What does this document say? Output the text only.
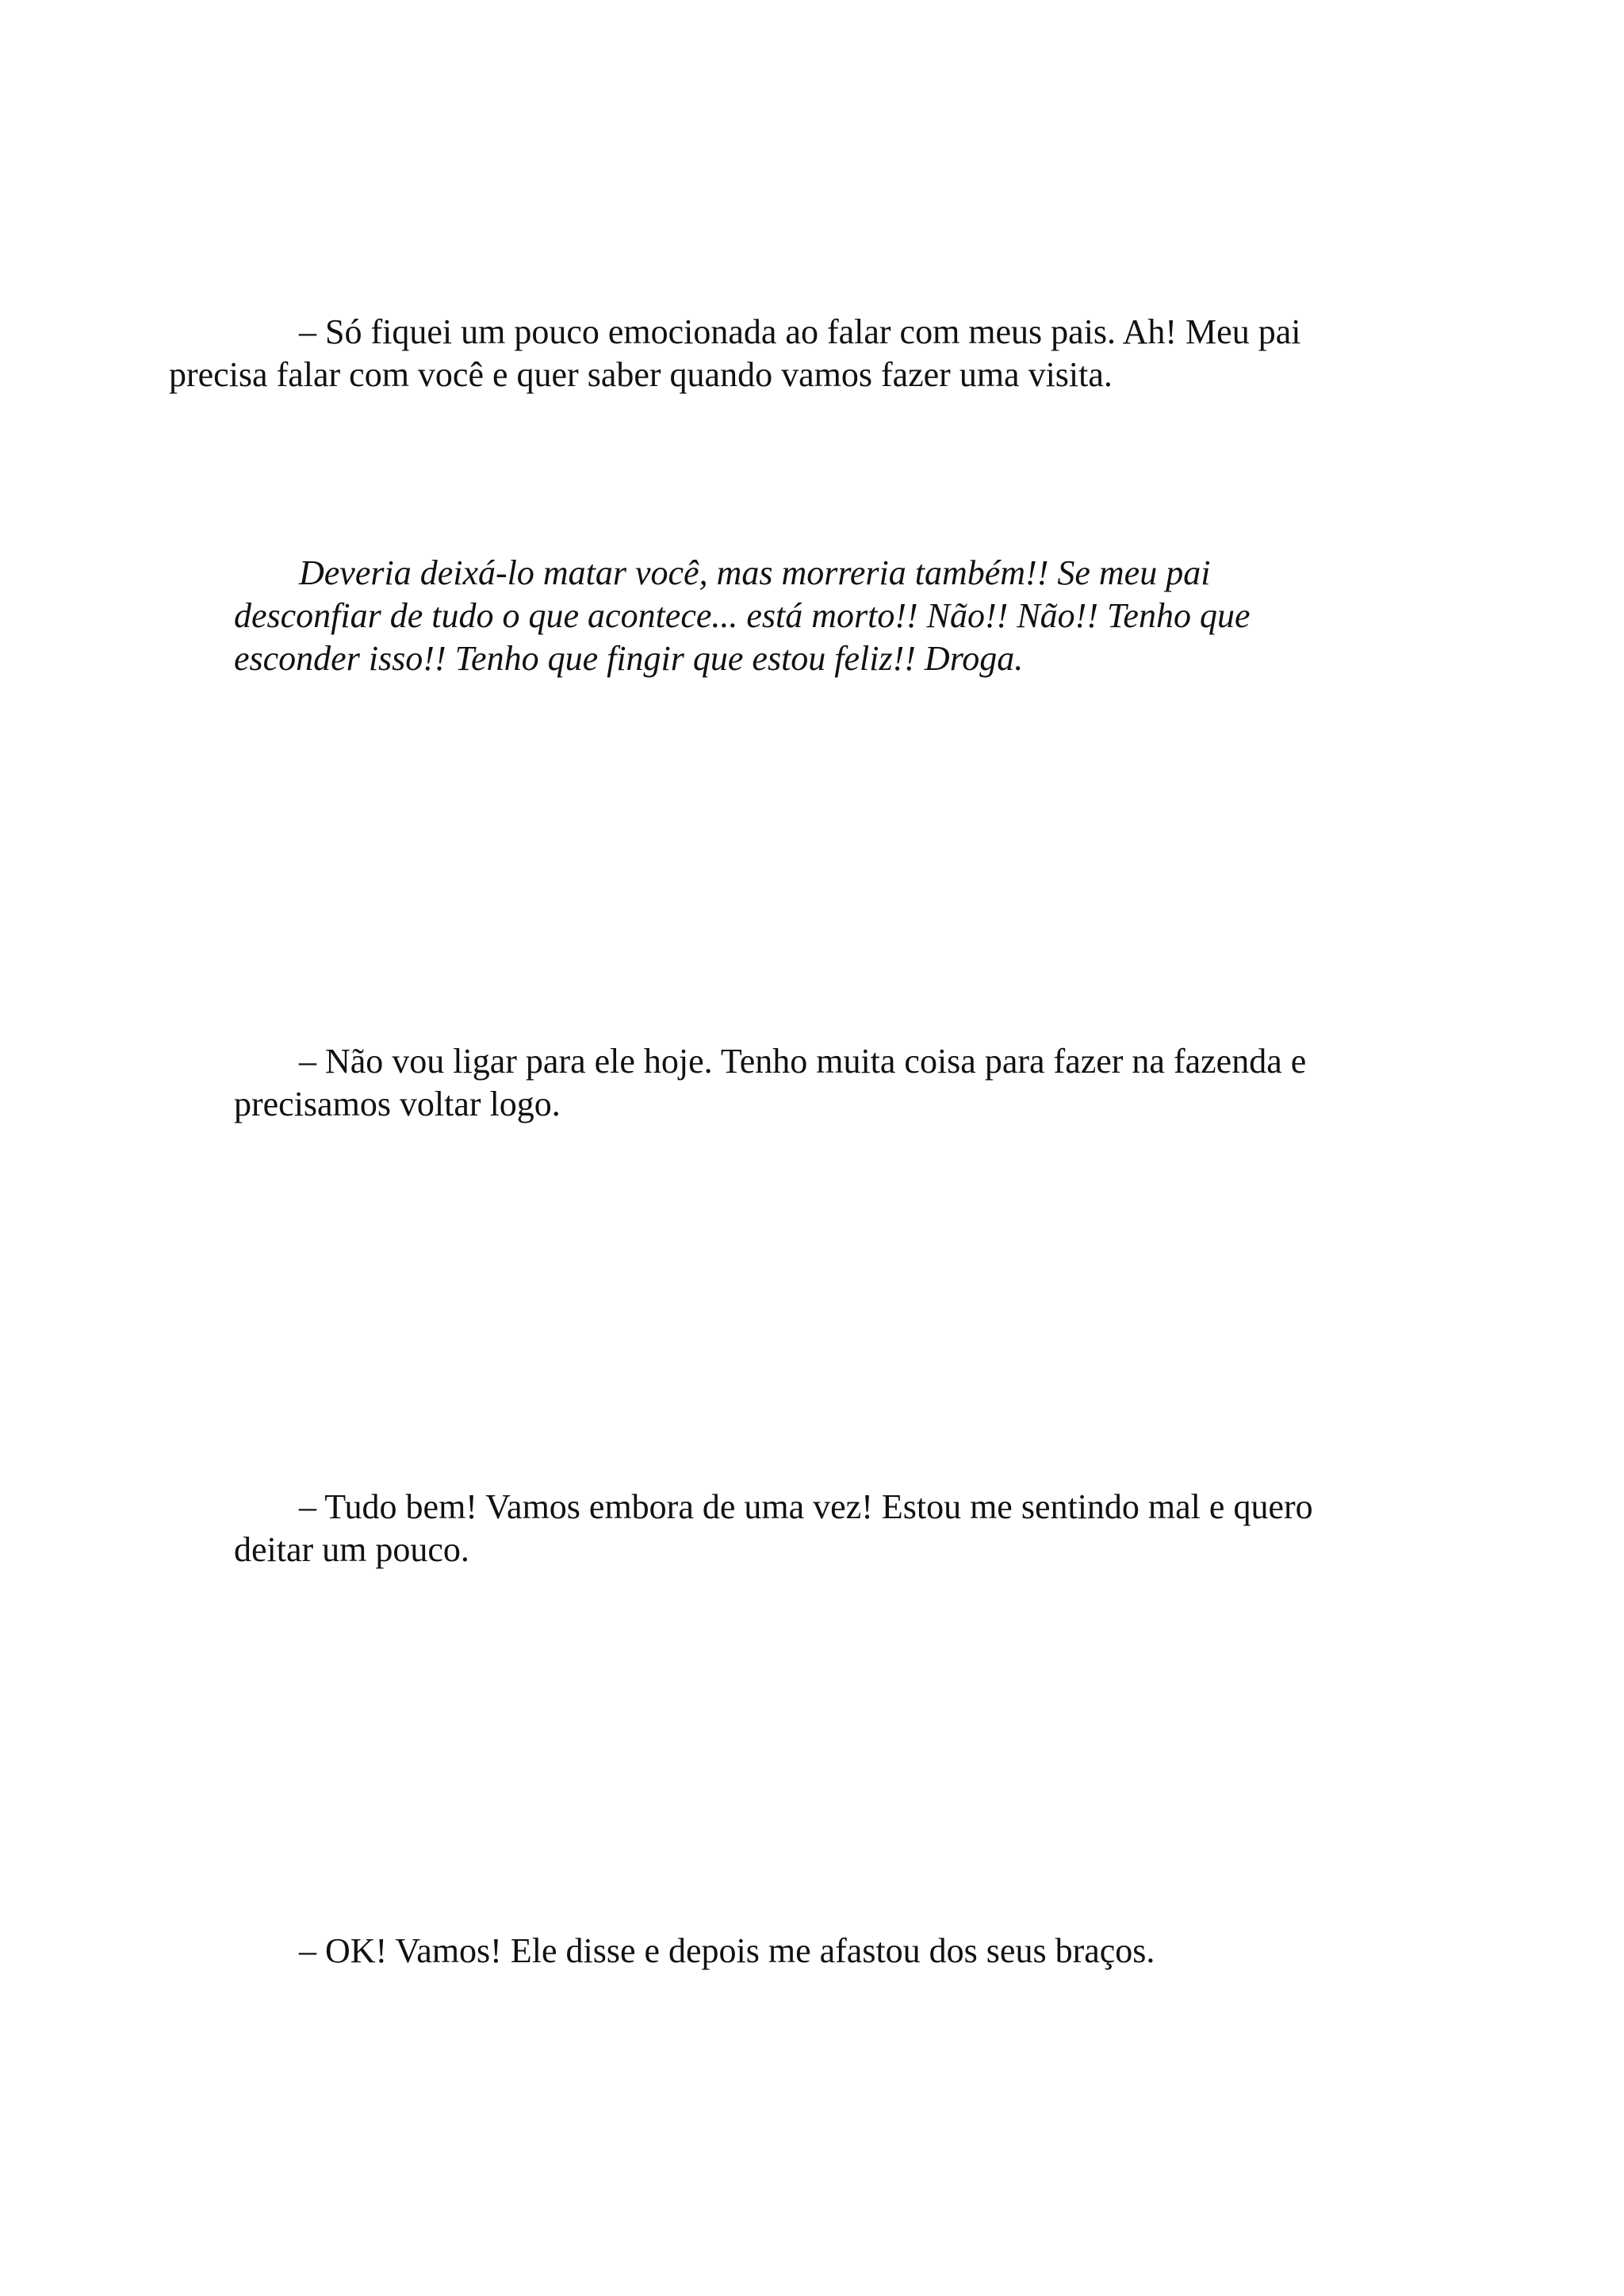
– Só fiquei um pouco emocionada ao falar com meus pais. Ah! Meu pai
precisa falar com você e quer saber quando vamos fazer uma visita.

Deveria deixá-lo matar você, mas morreria também!! Se meu pai
desconfiar de tudo o que acontece... está morto!! Não!! Não!! Tenho que
esconder isso!! Tenho que fingir que estou feliz!! Droga.

– Não vou ligar para ele hoje. Tenho muita coisa para fazer na fazenda e
precisamos voltar logo.

– Tudo bem! Vamos embora de uma vez! Estou me sentindo mal e quero
deitar um pouco.

– OK! Vamos! Ele disse e depois me afastou dos seus braços.
